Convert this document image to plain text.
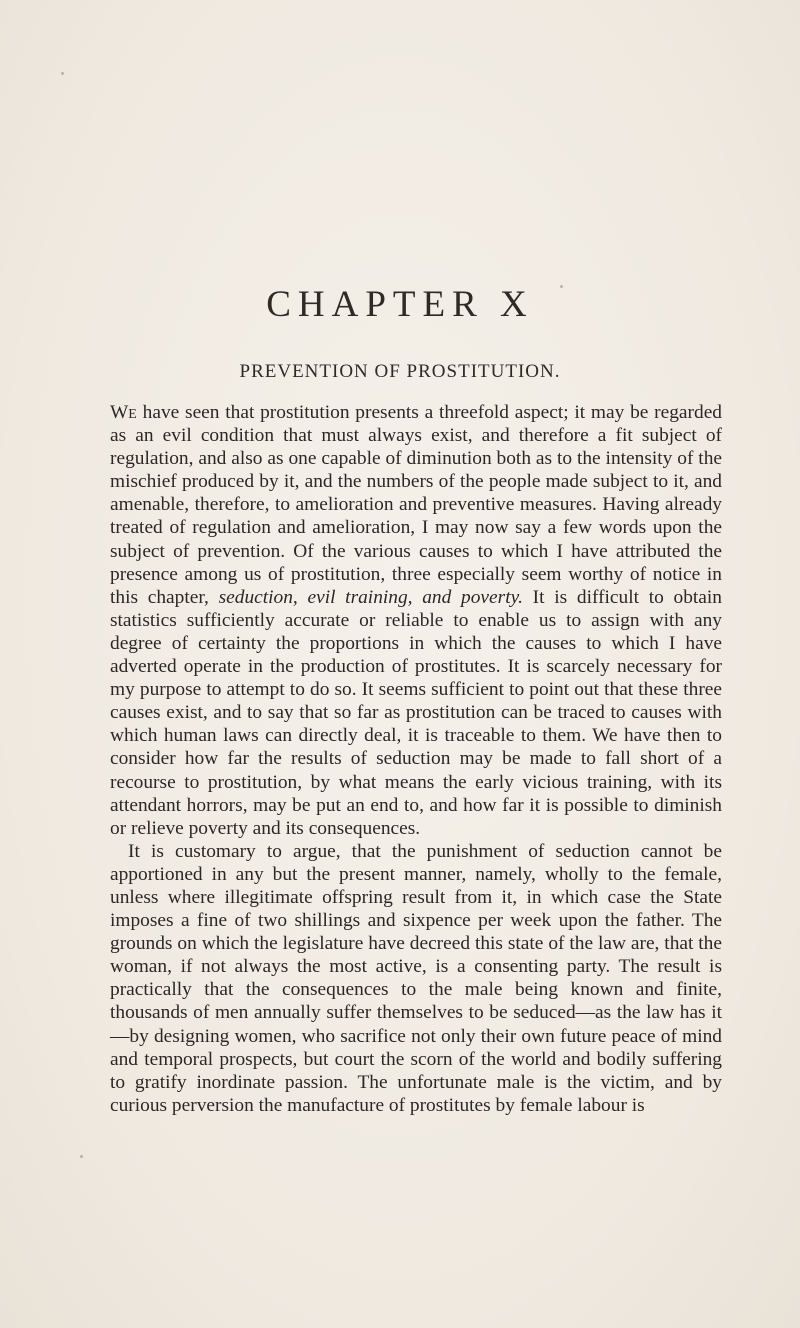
CHAPTER X
PREVENTION OF PROSTITUTION.

We have seen that prostitution presents a threefold aspect; it may be regarded as an evil condition that must always exist, and therefore a fit subject of regulation, and also as one capable of diminution both as to the intensity of the mischief produced by it, and the numbers of the people made subject to it, and amenable, therefore, to amelioration and preventive measures. Having already treated of regulation and amelioration, I may now say a few words upon the subject of prevention. Of the various causes to which I have attributed the presence among us of prostitution, three especially seem worthy of notice in this chapter, seduction, evil training, and poverty. It is difficult to obtain statistics sufficiently accurate or reliable to enable us to assign with any degree of certainty the proportions in which the causes to which I have adverted operate in the production of prostitutes. It is scarcely necessary for my purpose to attempt to do so. It seems sufficient to point out that these three causes exist, and to say that so far as prostitution can be traced to causes with which human laws can directly deal, it is traceable to them. We have then to consider how far the results of seduction may be made to fall short of a recourse to prostitution, by what means the early vicious training, with its attendant horrors, may be put an end to, and how far it is possible to diminish or relieve poverty and its consequences.

It is customary to argue, that the punishment of seduction cannot be apportioned in any but the present manner, namely, wholly to the female, unless where illegitimate offspring result from it, in which case the State imposes a fine of two shillings and sixpence per week upon the father. The grounds on which the legislature have decreed this state of the law are, that the woman, if not always the most active, is a consenting party. The result is practically that the consequences to the male being known and finite, thousands of men annually suffer themselves to be seduced—as the law has it—by designing women, who sacrifice not only their own future peace of mind and temporal prospects, but court the scorn of the world and bodily suffering to gratify inordinate passion. The unfortunate male is the victim, and by curious perversion the manufacture of prostitutes by female labour is
